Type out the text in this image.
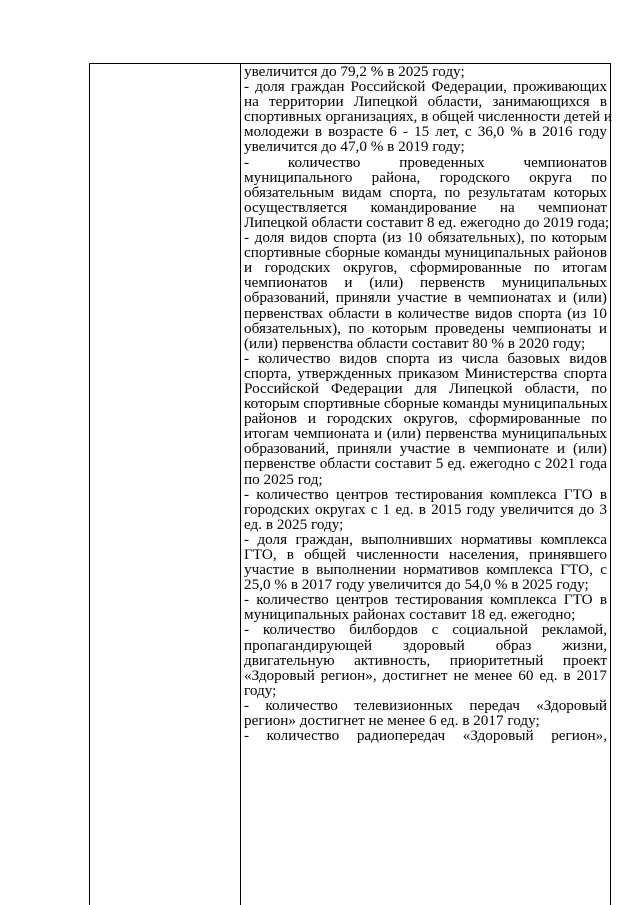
увеличится до 79,2 % в 2025 году;
- доля граждан Российской Федерации, проживающих
на территории Липецкой области, занимающихся в
спортивных организациях, в общей численности детей и
молодежи в возрасте 6 - 15 лет, с 36,0 % в 2016 году
увеличится до 47,0 % в 2019 году;
- количество проведенных чемпионатов
муниципального района, городского округа по
обязательным видам спорта, по результатам которых
осуществляется командирование на чемпионат
Липецкой области составит 8 ед. ежегодно до 2019 года;
- доля видов спорта (из 10 обязательных), по которым
спортивные сборные команды муниципальных районов
и городских округов, сформированные по итогам
чемпионатов и (или) первенств муниципальных
образований, приняли участие в чемпионатах и (или)
первенствах области в количестве видов спорта (из 10
обязательных), по которым проведены чемпионаты и
(или) первенства области составит 80 % в 2020 году;
- количество видов спорта из числа базовых видов
спорта, утвержденных приказом Министерства спорта
Российской Федерации для Липецкой области, по
которым спортивные сборные команды муниципальных
районов и городских округов, сформированные по
итогам чемпионата и (или) первенства муниципальных
образований, приняли участие в чемпионате и (или)
первенстве области составит 5 ед. ежегодно с 2021 года
по 2025 год;
- количество центров тестирования комплекса ГТО в
городских округах с 1 ед. в 2015 году увеличится до 3
ед. в 2025 году;
- доля граждан, выполнивших нормативы комплекса
ГТО, в общей численности населения, принявшего
участие в выполнении нормативов комплекса ГТО, с
25,0 % в 2017 году увеличится до 54,0 % в 2025 году;
- количество центров тестирования комплекса ГТО в
муниципальных районах составит 18 ед. ежегодно;
- количество билбордов с социальной рекламой,
пропагандирующей здоровый образ жизни,
двигательную активность, приоритетный проект
«Здоровый регион», достигнет не менее 60 ед. в 2017
году;
- количество телевизионных передач «Здоровый
регион» достигнет не менее 6 ед. в 2017 году;
- количество радиопередач «Здоровый регион»,
